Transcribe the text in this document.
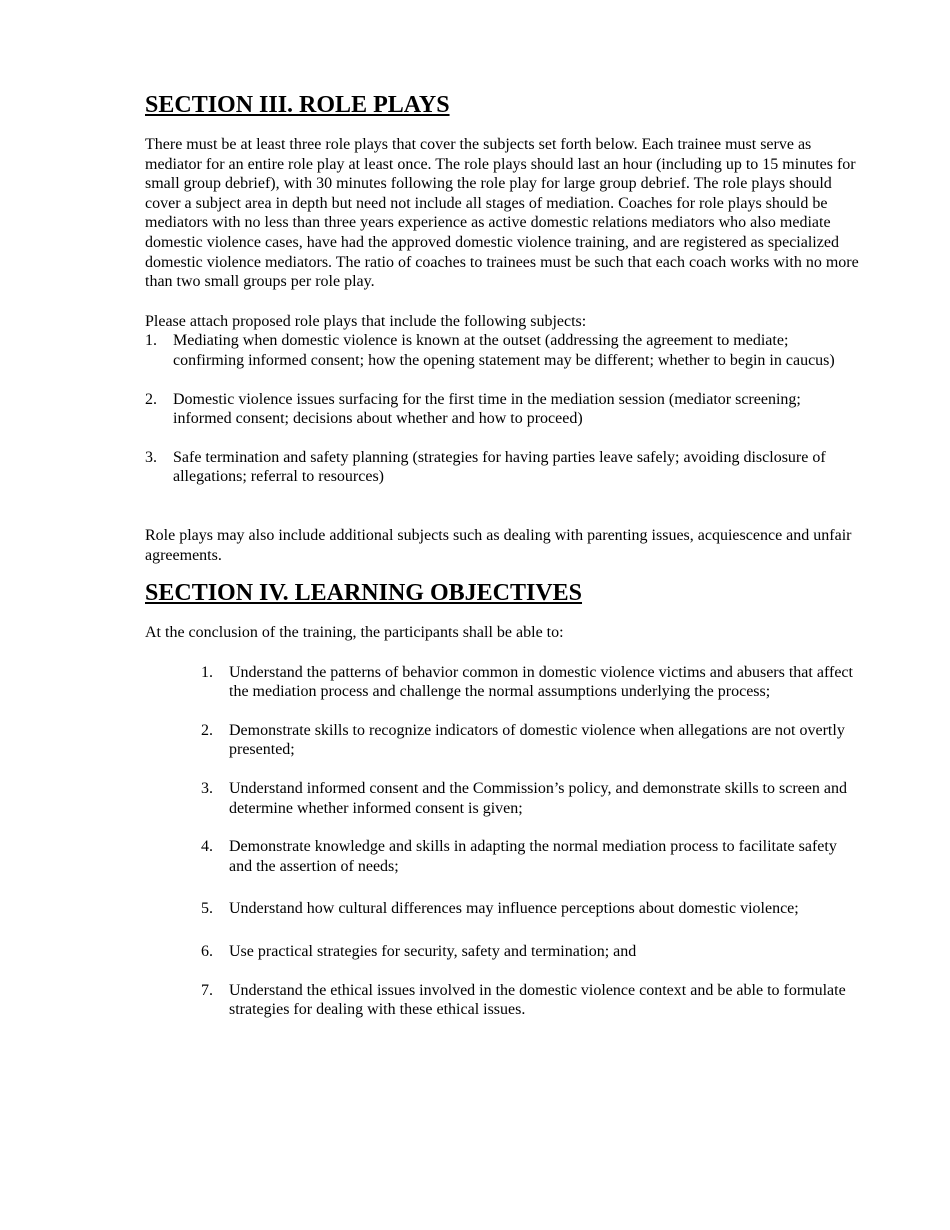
SECTION III. ROLE PLAYS

There must be at least three role plays that cover the subjects set forth below. Each trainee must serve as mediator for an entire role play at least once. The role plays should last an hour (including up to 15 minutes for small group debrief), with 30 minutes following the role play for large group debrief. The role plays should cover a subject area in depth but need not include all stages of mediation. Coaches for role plays should be mediators with no less than three years experience as active domestic relations mediators who also mediate domestic violence cases, have had the approved domestic violence training, and are registered as specialized domestic violence mediators. The ratio of coaches to trainees must be such that each coach works with no more than two small groups per role play.

Please attach proposed role plays that include the following subjects:

1.	Mediating when domestic violence is known at the outset (addressing the agreement to mediate; confirming informed consent; how the opening statement may be different; whether to begin in caucus)
2.	Domestic violence issues surfacing for the first time in the mediation session (mediator screening; informed consent; decisions about whether and how to proceed)
3.	Safe termination and safety planning (strategies for having parties leave safely; avoiding disclosure of allegations; referral to resources)

Role plays may also include additional subjects such as dealing with parenting issues, acquiescence and unfair agreements.

SECTION IV. LEARNING OBJECTIVES

At the conclusion of the training, the participants shall be able to:

1.	Understand the patterns of behavior common in domestic violence victims and abusers that affect the mediation process and challenge the normal assumptions underlying the process;
2.	Demonstrate skills to recognize indicators of domestic violence when allegations are not overtly presented;
3.	Understand informed consent and the Commission’s policy, and demonstrate skills to screen and determine whether informed consent is given;
4.	Demonstrate knowledge and skills in adapting the normal mediation process to facilitate safety and the assertion of needs;
5.	Understand how cultural differences may influence perceptions about domestic violence;
6.	Use practical strategies for security, safety and termination; and
7.	Understand the ethical issues involved in the domestic violence context and be able to formulate strategies for dealing with these ethical issues.
